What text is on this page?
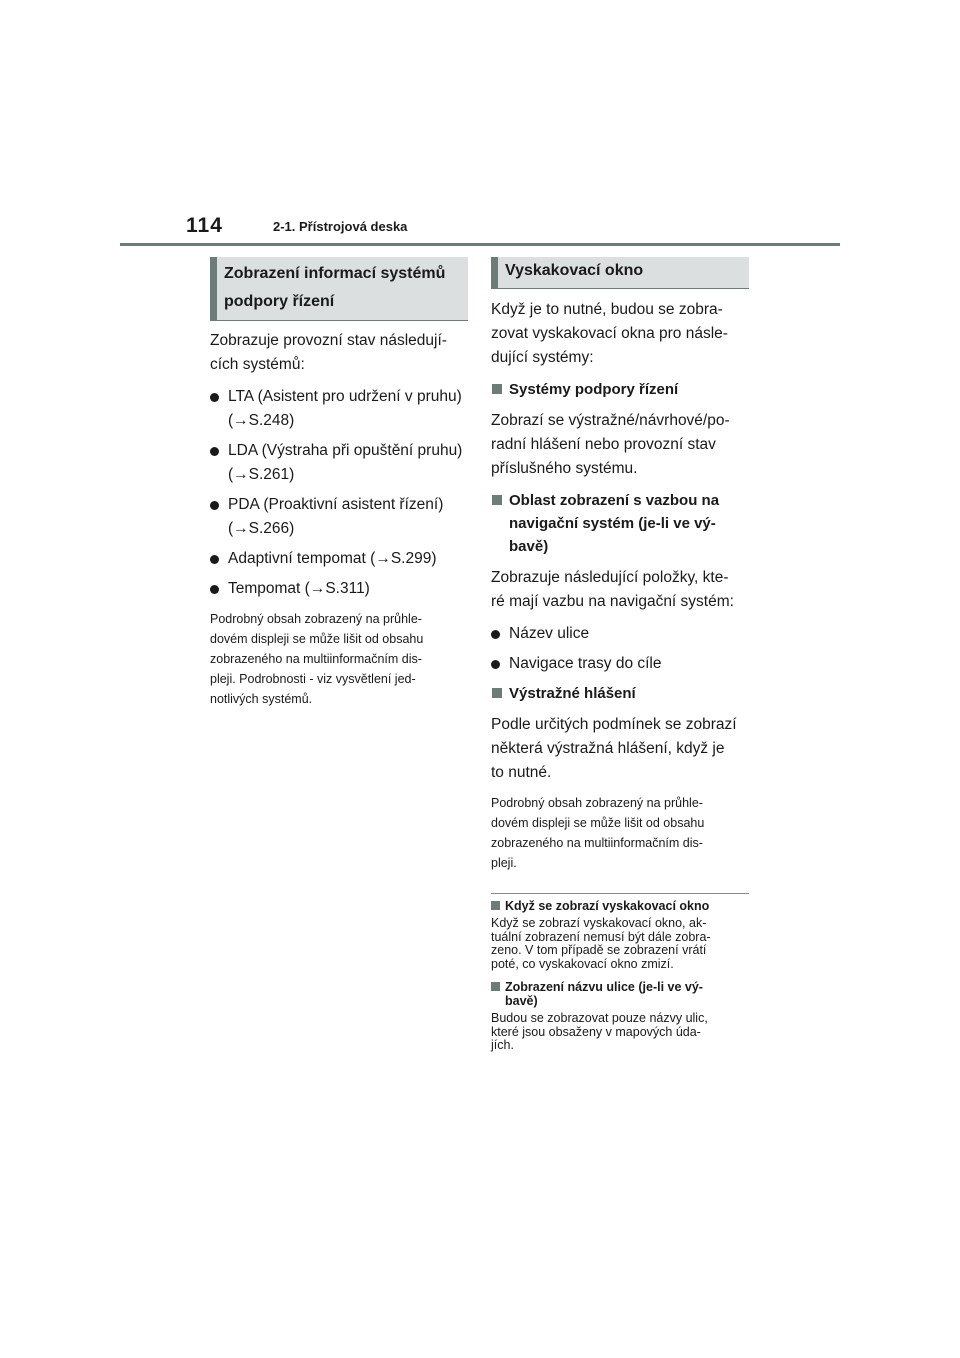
114	2-1. Přístrojová deska
Zobrazení informací systémů
podpory řízení
Zobrazuje provozní stav následují-
cích systémů:
LTA (Asistent pro udržení v pruhu)
(→S.248)
LDA (Výstraha při opuštění pruhu)
(→S.261)
PDA (Proaktivní asistent řízení)
(→S.266)
Adaptivní tempomat (→S.299)
Tempomat (→S.311)
Podrobný obsah zobrazený na průhle-
dovém displeji se může lišit od obsahu
zobrazeného na multiinformačním dis-
pleji. Podrobnosti - viz vysvětlení jed-
notlivých systémů.
Vyskakovací okno
Když je to nutné, budou se zobra-
zovat vyskakovací okna pro násle-
dující systémy:
Systémy podpory řízení
Zobrazí se výstražné/návrhové/po-
radní hlášení nebo provozní stav
příslušného systému.
Oblast zobrazení s vazbou na
navigační systém (je-li ve vý-
bavě)
Zobrazuje následující položky, kte-
ré mají vazbu na navigační systém:
Název ulice
Navigace trasy do cíle
Výstražné hlášení
Podle určitých podmínek se zobrazí
některá výstražná hlášení, když je
to nutné.
Podrobný obsah zobrazený na průhle-
dovém displeji se může lišit od obsahu
zobrazeného na multiinformačním dis-
pleji.
Když se zobrazí vyskakovací okno
Když se zobrazí vyskakovací okno, ak-
tuální zobrazení nemusí být dále zobra-
zeno. V tom případě se zobrazení vrátí
poté, co vyskakovací okno zmizí.
Zobrazení názvu ulice (je-li ve vý-
bavě)
Budou se zobrazovat pouze názvy ulic,
které jsou obsaženy v mapových úda-
jích.
